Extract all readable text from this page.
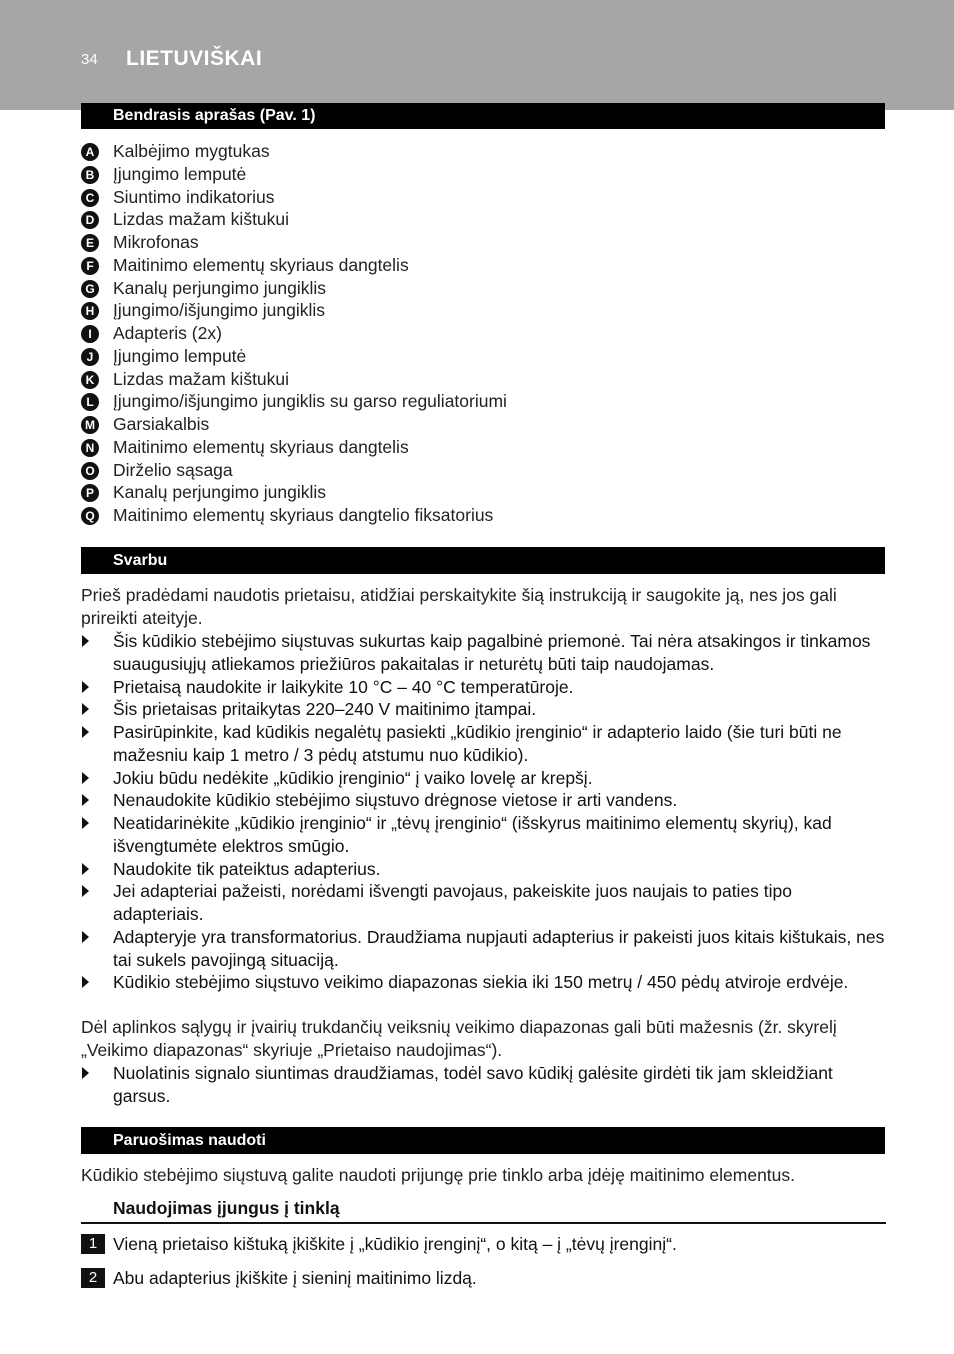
34 LIETUVIŠKAI
Bendrasis aprašas (Pav. 1)
A Kalbėjimo mygtukas
B Įjungimo lemputė
C Siuntimo indikatorius
D Lizdas mažam kištukui
E Mikrofonas
F	Maitinimo elementų skyriaus dangtelis
G Kanalų perjungimo jungiklis
H Įjungimo/išjungimo jungiklis
I	Adapteris (2x)
J	Įjungimo lemputė
K Lizdas mažam kištukui
L	Įjungimo/išjungimo jungiklis su garso reguliatoriumi
M Garsiakalbis
N Maitinimo elementų skyriaus dangtelis
O Dirželio sąsaga
P Kanalų perjungimo jungiklis
Q Maitinimo elementų skyriaus dangtelio fiksatorius
Svarbu

Prieš pradėdami naudotis prietaisu, atidžiai perskaitykite šią instrukciją ir saugokite ją, nes jos gali prireikti ateityje.

Šis kūdikio stebėjimo siųstuvas sukurtas kaip pagalbinė priemonė. Tai nėra atsakingos ir tinkamos suaugusiųjų atliekamos priežiūros pakaitalas ir neturėtų būti taip naudojamas.
Prietaisą naudokite ir laikykite 10 °C – 40 °C temperatūroje.
Šis prietaisas pritaikytas 220–240 V maitinimo įtampai.
Pasirūpinkite, kad kūdikis negalėtų pasiekti „kūdikio įrenginio“ ir adapterio laido (šie turi būti ne mažesniu kaip 1 metro / 3 pėdų atstumu nuo kūdikio).
Jokiu būdu nedėkite „kūdikio įrenginio“ į vaiko lovelę ar krepšį.
Nenaudokite kūdikio stebėjimo siųstuvo drėgnose vietose ir arti vandens.
Neatidarinėkite „kūdikio įrenginio“ ir „tėvų įrenginio“ (išskyrus maitinimo elementų skyrių), kad išvengtumėte elektros smūgio.
Naudokite tik pateiktus adapterius.
Jei adapteriai pažeisti, norėdami išvengti pavojaus, pakeiskite juos naujais to paties tipo adapteriais.
Adapteryje yra transformatorius. Draudžiama nupjauti adapterius ir pakeisti juos kitais kištukais, nes tai sukels pavojingą situaciją.
Kūdikio stebėjimo siųstuvo veikimo diapazonas siekia iki 150 metrų / 450 pėdų atviroje erdvėje.

Dėl aplinkos sąlygų ir įvairių trukdančių veiksnių veikimo diapazonas gali būti mažesnis (žr. skyrelį „Veikimo diapazonas“ skyriuje „Prietaiso naudojimas“).

Nuolatinis signalo siuntimas draudžiamas, todėl savo kūdikį galėsite girdėti tik jam skleidžiant garsus.
Paruošimas naudoti

Kūdikio stebėjimo siųstuvą galite naudoti prijungę prie tinklo arba įdėję maitinimo elementus.

Naudojimas įjungus į tinklą
1 Vieną prietaiso kištuką įkiškite į „kūdikio įrenginį“, o kitą – į „tėvų įrenginį“.
2 Abu adapterius įkiškite į sieninį maitinimo lizdą.
